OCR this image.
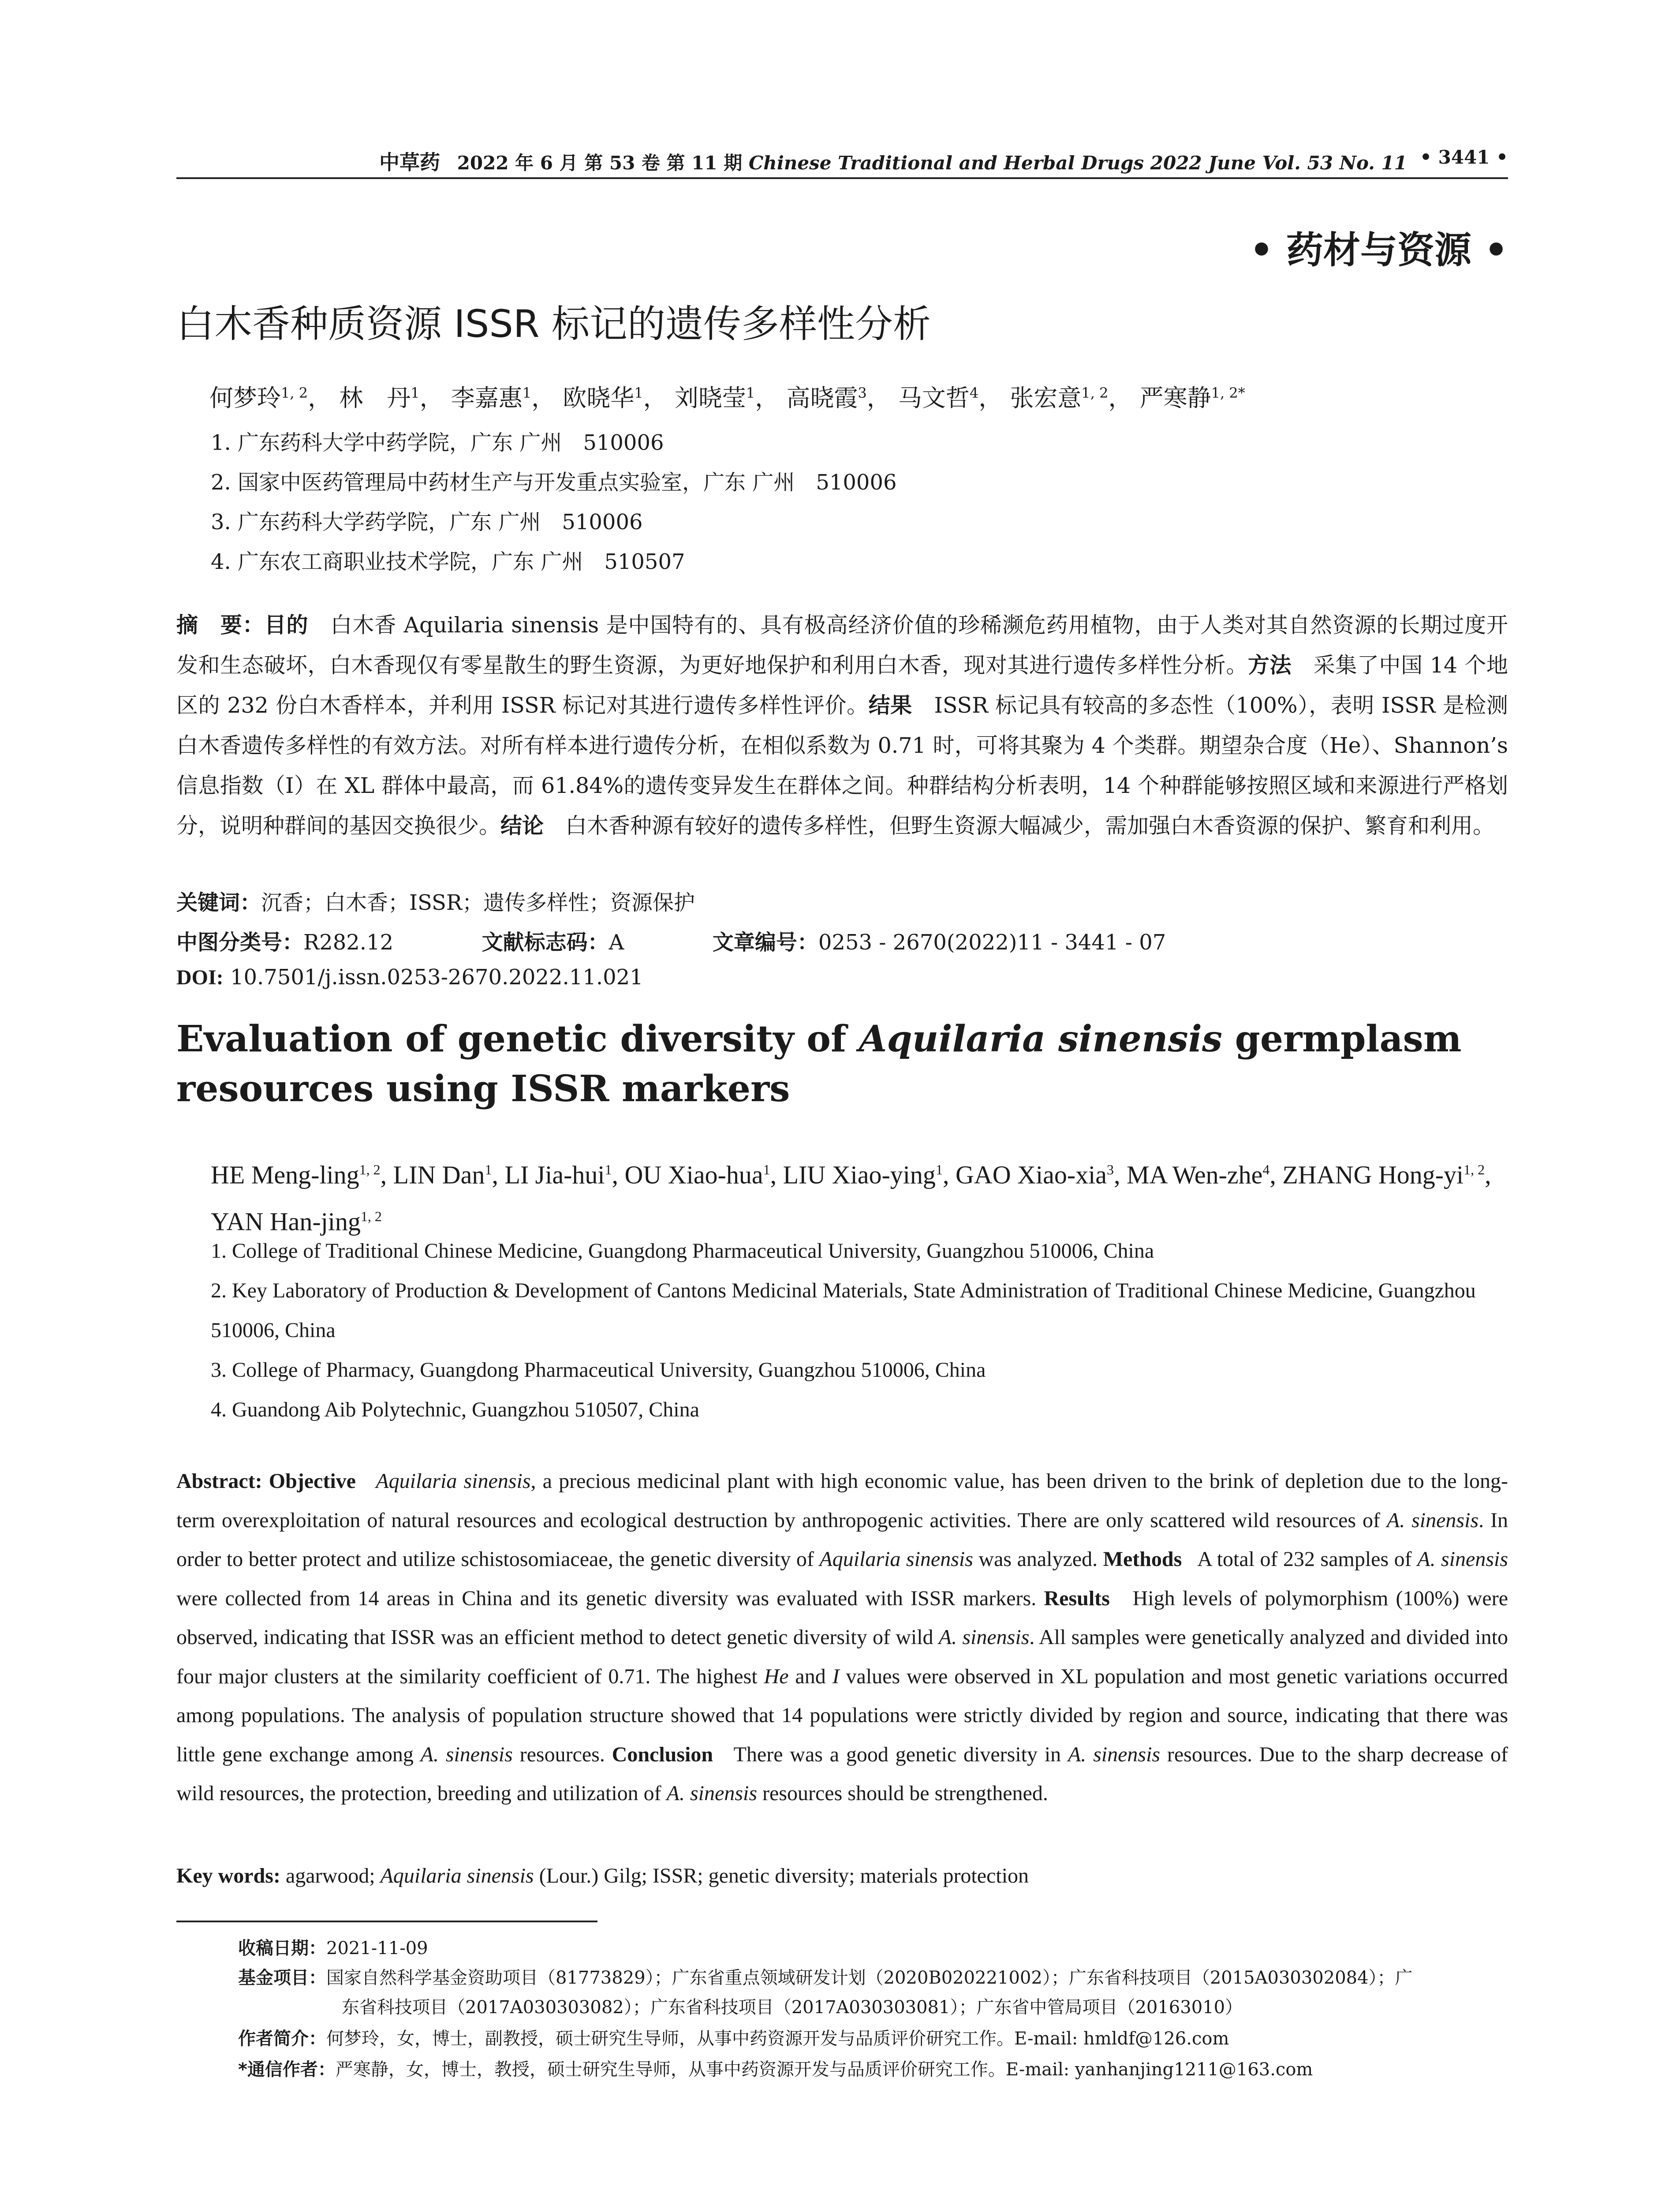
中草药 2022 年 6 月 第 53 卷 第 11 期 Chinese Traditional and Herbal Drugs 2022 June Vol. 53 No. 11 • 3441 •
• 药材与资源 •
白木香种质资源 ISSR 标记的遗传多样性分析
何梦玲$^{1, 2}$， 林　丹$^1$， 李嘉惠$^1$， 欧晓华$^1$， 刘晓莹$^1$， 高晓霞$^3$， 马文哲$^4$， 张宏意$^{1, 2}$， 严寒静$^{1, 2*}$
1. 广东药科大学中药学院，广东 广州　510006
2. 国家中医药管理局中药材生产与开发重点实验室，广东 广州　510006
3. 广东药科大学药学院，广东 广州　510006
4. 广东农工商职业技术学院，广东 广州　510507
摘　要：目的　 白木香 Aquilaria sinensis 是中国特有的、具有极高经济价值的珍稀濒危药用植物，由于人类对其自然资源的长期过度开发和生态破坏，白木香现仅有零星散生的野生资源，为更好地保护和利用白木香，现对其进行遗传多样性分析。方法　 采集了中国 14 个地区的 232 份白木香样本，并利用 ISSR 标记对其进行遗传多样性评价。结果　 ISSR 标记具有较高的多态性（100%），表明 ISSR 是检测白木香遗传多样性的有效方法。对所有样本进行遗传分析，在相似系数为 0.71 时，可将其聚为 4 个类群。期望杂合度（He）、Shannon’s 信息指数（I）在 XL 群体中最高，而 61.84%的遗传变异发生在群体之间。种群结构分析表明，14 个种群能够按照区域和来源进行严格划分，说明种群间的基因交换很少。结论　 白木香种源有较好的遗传多样性，但野生资源大幅减少，需加强白木香资源的保护、繁育和利用。
关键词：沉香；白木香；ISSR；遗传多样性；资源保护
中图分类号：R282.12	文献标志码：A	文章编号：0253 - 2670(2022)11 - 3441 - 07
DOI: 10.7501/j.issn.0253-2670.2022.11.021
Evaluation of genetic diversity of Aquilaria sinensis germplasm resources using ISSR markers
HE Meng-ling$^{1, 2}$, LIN Dan$^1$, LI Jia-hui$^1$, OU Xiao-hua$^1$, LIU Xiao-ying$^1$, GAO Xiao-xia$^3$, MA Wen-zhe$^4$, ZHANG Hong-yi$^{1, 2}$, YAN Han-jing$^{1, 2}$
1. College of Traditional Chinese Medicine, Guangdong Pharmaceutical University, Guangzhou 510006, China
2. Key Laboratory of Production & Development of Cantons Medicinal Materials, State Administration of Traditional Chinese Medicine, Guangzhou 510006, China
3. College of Pharmacy, Guangdong Pharmaceutical University, Guangzhou 510006, China
4. Guandong Aib Polytechnic, Guangzhou 510507, China
Abstract: Objective Aquilaria sinensis, a precious medicinal plant with high economic value, has been driven to the brink of depletion due to the long-term overexploitation of natural resources and ecological destruction by anthropogenic activities. There are only scattered wild resources of A. sinensis. In order to better protect and utilize schistosomiaceae, the genetic diversity of Aquilaria sinensis was analyzed. Methods A total of 232 samples of A. sinensis were collected from 14 areas in China and its genetic diversity was evaluated with ISSR markers. Results High levels of polymorphism (100%) were observed, indicating that ISSR was an efficient method to detect genetic diversity of wild A. sinensis. All samples were genetically analyzed and divided into four major clusters at the similarity coefficient of 0.71. The highest He and I values were observed in XL population and most genetic variations occurred among populations. The analysis of population structure showed that 14 populations were strictly divided by region and source, indicating that there was little gene exchange among A. sinensis resources. Conclusion There was a good genetic diversity in A. sinensis resources. Due to the sharp decrease of wild resources, the protection, breeding and utilization of A. sinensis resources should be strengthened.
Key words: agarwood; Aquilaria sinensis (Lour.) Gilg; ISSR; genetic diversity; materials protection
收稿日期：2021-11-09
基金项目：国家自然科学基金资助项目（81773829）；广东省重点领域研发计划（2020B020221002）；广东省科技项目（2015A030302084）；广
东省科技项目（2017A030303082）；广东省科技项目（2017A030303081）；广东省中管局项目（20163010）
作者简介：何梦玲，女，博士，副教授，硕士研究生导师，从事中药资源开发与品质评价研究工作。E-mail: hmldf@126.com
*通信作者：严寒静，女，博士，教授，硕士研究生导师，从事中药资源开发与品质评价研究工作。E-mail: yanhanjing1211@163.com
